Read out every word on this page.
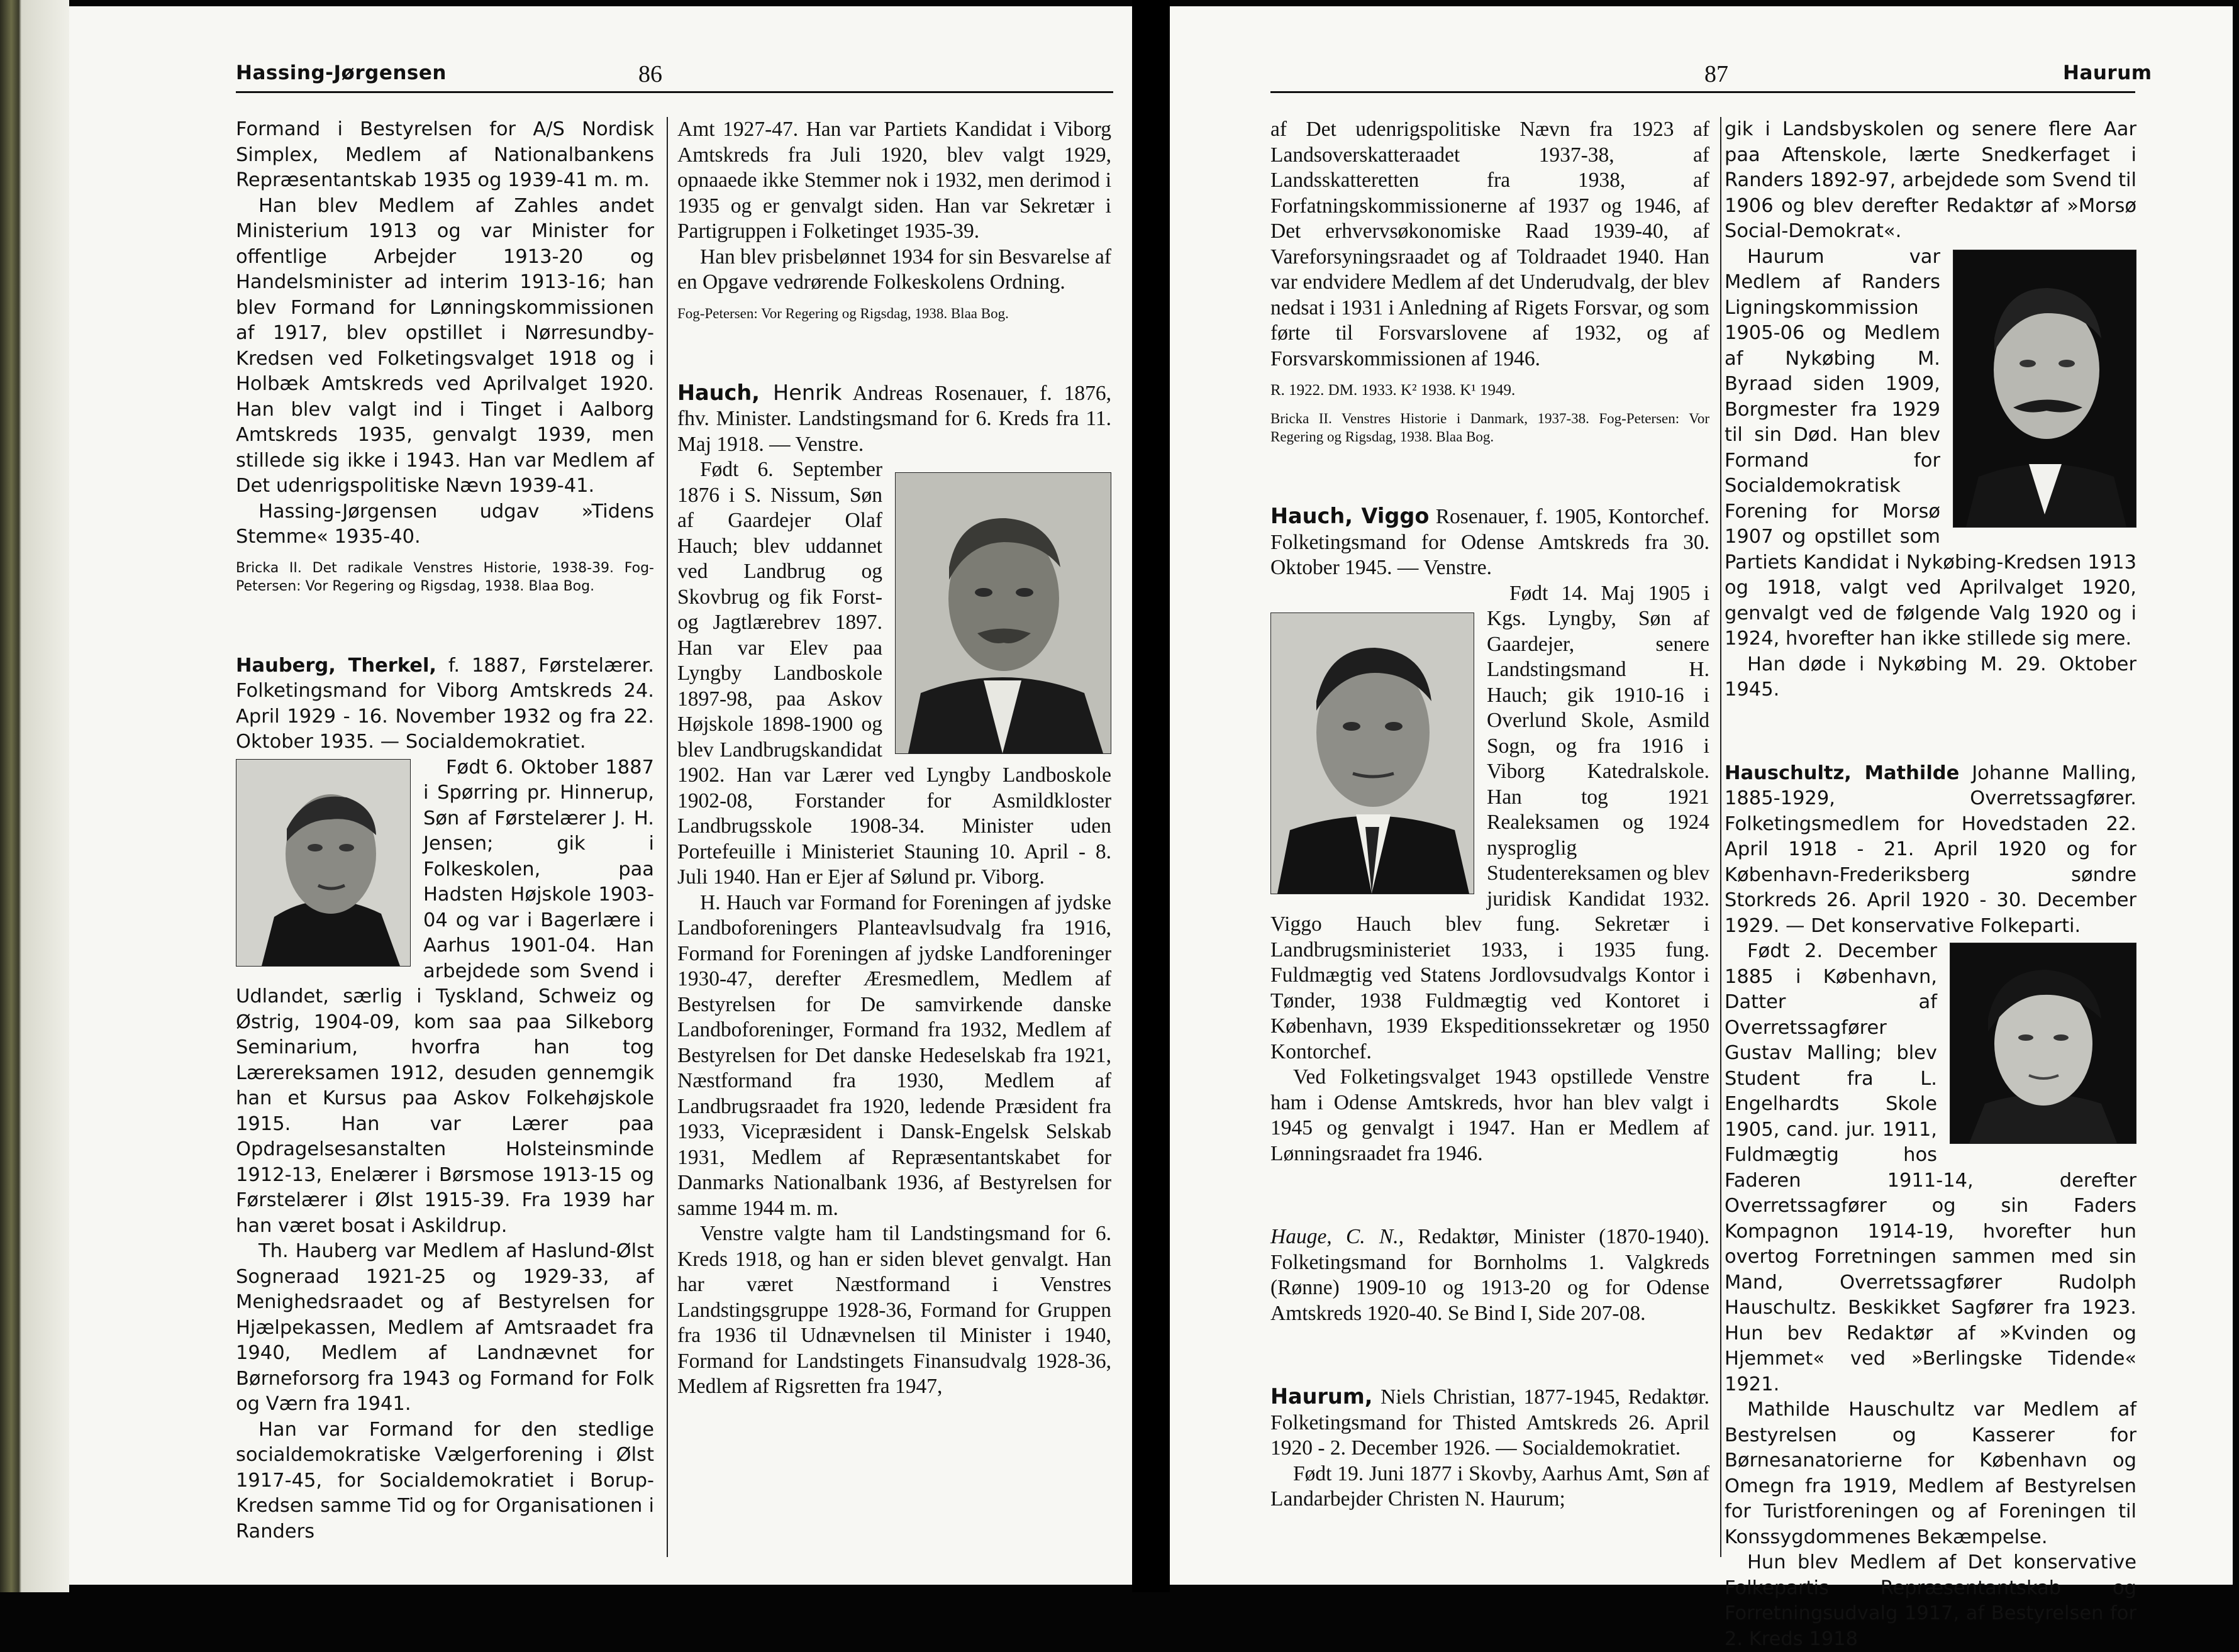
Hassing-Jørgensen	86

Formand i Bestyrelsen for A/S Nordisk Simplex, Medlem af Nationalbankens Repræsentantskab 1935 og 1939-41 m. m.

Han blev Medlem af Zahles andet Ministerium 1913 og var Minister for offentlige Arbejder 1913-20 og Handelsminister ad interim 1913-16; han blev Formand for Lønningskommissionen af 1917, blev opstillet i Nørresundby-Kredsen ved Folketingsvalget 1918 og i Holbæk Amtskreds ved Aprilvalget 1920. Han blev valgt ind i Tinget i Aalborg Amtskreds 1935, genvalgt 1939, men stillede sig ikke i 1943. Han var Medlem af Det udenrigspolitiske Nævn 1939-41.

Hassing-Jørgensen udgav »Tidens Stemme« 1935-40.

Bricka II. Det radikale Venstres Historie, 1938-39. Fog-Petersen: Vor Regering og Rigsdag, 1938. Blaa Bog.

Hauberg, Therkel, f. 1887, Førstelærer. Folketingsmand for Viborg Amtskreds 24. April 1929 - 16. November 1932 og fra 22. Oktober 1935. — Socialdemokratiet.

Født 6. Oktober 1887 i Spørring pr. Hinnerup, Søn af Førstelærer J. H. Jensen; gik i Folkeskolen, paa Hadsten Højskole 1903-04 og var i Bagerlære i Aarhus 1901-04. Han arbejdede som Svend i Udlandet, særlig i Tyskland, Schweiz og Østrig, 1904-09, kom saa paa Silkeborg Seminarium, hvorfra han tog Lærereksamen 1912, desuden gennemgik han et Kursus paa Askov Folkehøjskole 1915. Han var Lærer paa Opdragelsesanstalten Holsteinsminde 1912-13, Enelærer i Børsmose 1913-15 og Førstelærer i Ølst 1915-39. Fra 1939 har han været bosat i Askildrup.

Th. Hauberg var Medlem af Haslund-Ølst Sogneraad 1921-25 og 1929-33, af Menighedsraadet og af Bestyrelsen for Hjælpekassen, Medlem af Amtsraadet fra 1940, Medlem af Landnævnet for Børneforsorg fra 1943 og Formand for Folk og Værn fra 1941.

Han var Formand for den stedlige socialdemokratiske Vælgerforening i Ølst 1917-45, for Socialdemokratiet i Borup-Kredsen samme Tid og for Organisationen i Randers

Amt 1927-47. Han var Partiets Kandidat i Viborg Amtskreds fra Juli 1920, blev valgt 1929, opnaaede ikke Stemmer nok i 1932, men derimod i 1935 og er genvalgt siden. Han var Sekretær i Partigruppen i Folketinget 1935-39.

Han blev prisbelønnet 1934 for sin Besvarelse af en Opgave vedrørende Folkeskolens Ordning.

Fog-Petersen: Vor Regering og Rigsdag, 1938. Blaa Bog.

Hauch, Henrik Andreas Rosenauer, f. 1876, fhv. Minister. Landstingsmand for 6. Kreds fra 11. Maj 1918. — Venstre.

Født 6. September 1876 i S. Nissum, Søn af Gaardejer Olaf Hauch; blev uddannet ved Landbrug og Skovbrug og fik Forst- og Jagtlærebrev 1897. Han var Elev paa Lyngby Landboskole 1897-98, paa Askov Højskole 1898-1900 og blev Landbrugskandidat 1902. Han var Lærer ved Lyngby Landboskole 1902-08, Forstander for Asmildkloster Landbrugsskole 1908-34. Minister uden Portefeuille i Ministeriet Stauning 10. April - 8. Juli 1940. Han er Ejer af Sølund pr. Viborg.

H. Hauch var Formand for Foreningen af jydske Landboforeningers Planteavlsudvalg fra 1916, Formand for Foreningen af jydske Landforeninger 1930-47, derefter Æresmedlem, Medlem af Bestyrelsen for De samvirkende danske Landboforeninger, Formand fra 1932, Medlem af Bestyrelsen for Det danske Hedeselskab fra 1921, Næstformand fra 1930, Medlem af Landbrugsraadet fra 1920, ledende Præsident fra 1933, Vicepræsident i Dansk-Engelsk Selskab 1931, Medlem af Repræsentantskabet for Danmarks Nationalbank 1936, af Bestyrelsen for samme 1944 m. m.

Venstre valgte ham til Landstingsmand for 6. Kreds 1918, og han er siden blevet genvalgt. Han har været Næstformand i Venstres Landstingsgruppe 1928-36, Formand for Gruppen fra 1936 til Udnævnelsen til Minister i 1940, Formand for Landstingets Finansudvalg 1928-36, Medlem af Rigsretten fra 1947,

87	Haurum

af Det udenrigspolitiske Nævn fra 1923 af Landsoverskatteraadet 1937-38, af Landsskatteretten fra 1938, af Forfatningskommissionerne af 1937 og 1946, af Det erhvervsøkonomiske Raad 1939-40, af Vareforsyningsraadet og af Toldraadet 1940. Han var endvidere Medlem af det Underudvalg, der blev nedsat i 1931 i Anledning af Rigets Forsvar, og som førte til Forsvarslovene af 1932, og af Forsvarskommissionen af 1946.

R. 1922. DM. 1933. K² 1938. K¹ 1949.

Bricka II. Venstres Historie i Danmark, 1937-38. Fog-Petersen: Vor Regering og Rigsdag, 1938. Blaa Bog.

Hauch, Viggo Rosenauer, f. 1905, Kontorchef. Folketingsmand for Odense Amtskreds fra 30. Oktober 1945. — Venstre.

Født 14. Maj 1905 i Kgs. Lyngby, Søn af Gaardejer, senere Landstingsmand H. Hauch; gik 1910-16 i Overlund Skole, Asmild Sogn, og fra 1916 i Viborg Katedralskole. Han tog 1921 Realeksamen og 1924 nysproglig Studentereksamen og blev juridisk Kandidat 1932. Viggo Hauch blev fung. Sekretær i Landbrugsministeriet 1933, i 1935 fung. Fuldmægtig ved Statens Jordlovsudvalgs Kontor i Tønder, 1938 Fuldmægtig ved Kontoret i København, 1939 Ekspeditionssekretær og 1950 Kontorchef.

Ved Folketingsvalget 1943 opstillede Venstre ham i Odense Amtskreds, hvor han blev valgt i 1945 og genvalgt i 1947. Han er Medlem af Lønningsraadet fra 1946.

Hauge, C. N., Redaktør, Minister (1870-1940). Folketingsmand for Bornholms 1. Valgkreds (Rønne) 1909-10 og 1913-20 og for Odense Amtskreds 1920-40. Se Bind I, Side 207-08.

Haurum, Niels Christian, 1877-1945, Redaktør. Folketingsmand for Thisted Amtskreds 26. April 1920 - 2. December 1926. — Socialdemokratiet.

Født 19. Juni 1877 i Skovby, Aarhus Amt, Søn af Landarbejder Christen N. Haurum;

gik i Landsbyskolen og senere flere Aar paa Aftenskole, lærte Snedkerfaget i Randers 1892-97, arbejdede som Svend til 1906 og blev derefter Redaktør af »Morsø Social-Demokrat«.

Haurum var Medlem af Randers Ligningskommission 1905-06 og Medlem af Nykøbing M. Byraad siden 1909, Borgmester fra 1929 til sin Død. Han blev Formand for Socialdemokratisk Forening for Morsø 1907 og opstillet som Partiets Kandidat i Nykøbing-Kredsen 1913 og 1918, valgt ved Aprilvalget 1920, genvalgt ved de følgende Valg 1920 og i 1924, hvorefter han ikke stillede sig mere.

Han døde i Nykøbing M. 29. Oktober 1945.

Hauschultz, Mathilde Johanne Malling, 1885-1929, Overretssagfører. Folketingsmedlem for Hovedstaden 22. April 1918 - 21. April 1920 og for København-Frederiksberg søndre Storkreds 26. April 1920 - 30. December 1929. — Det konservative Folkeparti.

Født 2. December 1885 i København, Datter af Overretssagfører Gustav Malling; blev Student fra L. Engelhardts Skole 1905, cand. jur. 1911, Fuldmægtig hos Faderen 1911-14, derefter Overretssagfører og sin Faders Kompagnon 1914-19, hvorefter hun overtog Forretningen sammen med sin Mand, Overretssagfører Rudolph Hauschultz. Beskikket Sagfører fra 1923. Hun bev Redaktør af »Kvinden og Hjemmet« ved »Berlingske Tidende« 1921.

Mathilde Hauschultz var Medlem af Bestyrelsen og Kasserer for Børnesanatorierne for København og Omegn fra 1919, Medlem af Bestyrelsen for Turistforeningen og af Foreningen til Konssygdommenes Bekæmpelse.

Hun blev Medlem af Det konservative Folkepartis Repræsentantskab og Forretningsudvalg 1917, af Bestyrelsen for 2. Kreds 1918
